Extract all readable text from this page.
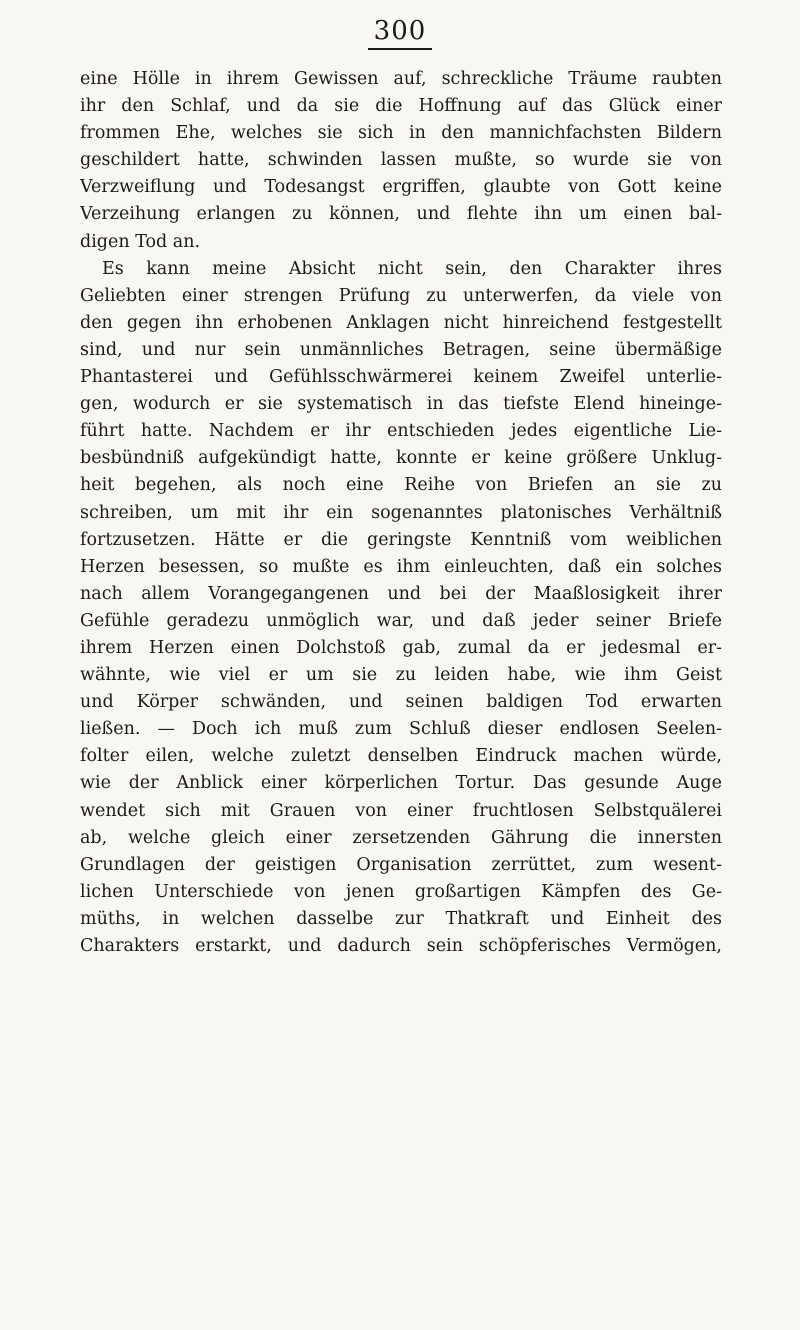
300
eine Hölle in ihrem Gewissen auf, schreckliche Träume raubten
ihr den Schlaf, und da sie die Hoffnung auf das Glück einer
frommen Ehe, welches sie sich in den mannichfachsten Bildern
geschildert hatte, schwinden lassen mußte, so wurde sie von
Verzweiflung und Todesangst ergriffen, glaubte von Gott keine
Verzeihung erlangen zu können, und flehte ihn um einen bal-
digen Tod an.
Es kann meine Absicht nicht sein, den Charakter ihres
Geliebten einer strengen Prüfung zu unterwerfen, da viele von
den gegen ihn erhobenen Anklagen nicht hinreichend festgestellt
sind, und nur sein unmännliches Betragen, seine übermäßige
Phantasterei und Gefühlsschwärmerei keinem Zweifel unterlie-
gen, wodurch er sie systematisch in das tiefste Elend hineinge-
führt hatte. Nachdem er ihr entschieden jedes eigentliche Lie-
besbündniß aufgekündigt hatte, konnte er keine größere Unklug-
heit begehen, als noch eine Reihe von Briefen an sie zu
schreiben, um mit ihr ein sogenanntes platonisches Verhältniß
fortzusetzen. Hätte er die geringste Kenntniß vom weiblichen
Herzen besessen, so mußte es ihm einleuchten, daß ein solches
nach allem Vorangegangenen und bei der Maaßlosigkeit ihrer
Gefühle geradezu unmöglich war, und daß jeder seiner Briefe
ihrem Herzen einen Dolchstoß gab, zumal da er jedesmal er-
wähnte, wie viel er um sie zu leiden habe, wie ihm Geist
und Körper schwänden, und seinen baldigen Tod erwarten
ließen. — Doch ich muß zum Schluß dieser endlosen Seelen-
folter eilen, welche zuletzt denselben Eindruck machen würde,
wie der Anblick einer körperlichen Tortur. Das gesunde Auge
wendet sich mit Grauen von einer fruchtlosen Selbstquälerei
ab, welche gleich einer zersetzenden Gährung die innersten
Grundlagen der geistigen Organisation zerrüttet, zum wesent-
lichen Unterschiede von jenen großartigen Kämpfen des Ge-
müths, in welchen dasselbe zur Thatkraft und Einheit des
Charakters erstarkt, und dadurch sein schöpferisches Vermögen,
